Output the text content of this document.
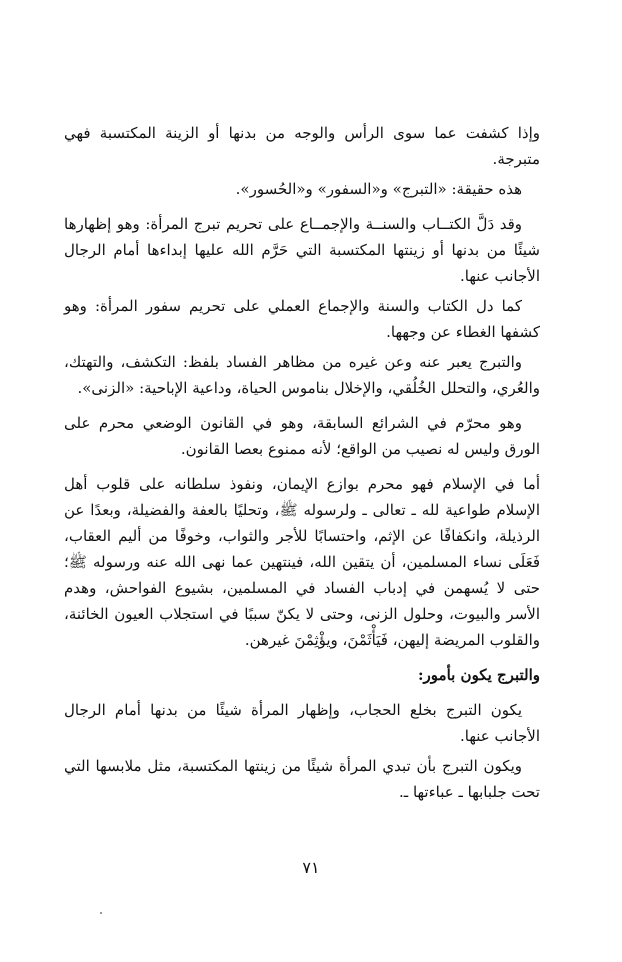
وإذا كشفت عما سوى الرأس والوجه من بدنها أو الزينة المكتسبة فهي متبرجة.

هذه حقيقة: «التبرج» و«السفور» و«الحُسور».

وقد دَلَّ الكتــاب والسنــة والإجمــاع على تحريم تبرج المرأة: وهو إظهارها شيئًا من بدنها أو زينتها المكتسبة التي حَرَّم الله عليها إبداءها أمام الرجال الأجانب عنها.

كما دل الكتاب والسنة والإجماع العملي على تحريم سفور المرأة: وهو كشفها الغطاء عن وجهها.

والتبرج يعبر عنه وعن غيره من مظاهر الفساد بلفظ: التكشف، والتهتك، والعُري، والتحلل الخُلُقي، والإخلال بناموس الحياة، وداعية الإباحية: «الزنى».

وهو محرّم في الشرائع السابقة، وهو في القانون الوضعي محرم على الورق وليس له نصيب من الواقع؛ لأنه ممنوع بعصا القانون.

أما في الإسلام فهو محرم بوازع الإيمان، ونفوذ سلطانه على قلوب أهل الإسلام طواعية لله ـ تعالى ـ ولرسوله ﷺ، وتحليًا بالعفة والفضيلة، وبعدًا عن الرذيلة، وانكفافًا عن الإثم، واحتسابًا للأجر والثواب، وخوفًا من أليم العقاب، فَعَلَى نساء المسلمين، أن يتقين الله، فينتهين عما نهى الله عنه ورسوله ﷺ؛ حتى لا يُسهمن في إدباب الفساد في المسلمين، بشيوع الفواحش، وهدم الأسر والبيوت، وحلول الزنى، وحتى لا يكنّ سببًا في استجلاب العيون الخائنة، والقلوب المريضة إليهن، فَيَأْثَمْنَ، ويؤْثِمْنَ غيرهن.

والتبرج يكون بأمور:

يكون التبرج بخلع الحجاب، وإظهار المرأة شيئًا من بدنها أمام الرجال الأجانب عنها.

ويكون التبرج بأن تبدي المرأة شيئًا من زينتها المكتسبة، مثل ملابسها التي تحت جلبابها ـ عباءتها ـ.

٧١
